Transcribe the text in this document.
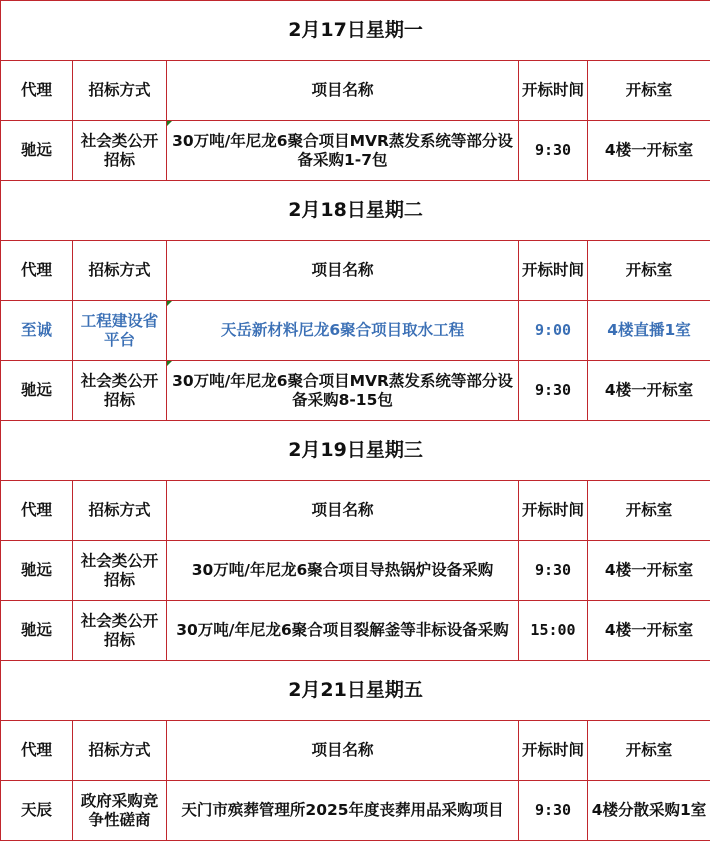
2月17日星期一				
代理	招标方式	项目名称	开标时间	开标室
驰远	社会类公开招标	30万吨/年尼龙6聚合项目MVR蒸发系统等部分设备采购1-7包	9:30	4楼一开标室
2月18日星期二				
代理	招标方式	项目名称	开标时间	开标室
至诚	工程建设省平台	天岳新材料尼龙6聚合项目取水工程	9:00	4楼直播1室
驰远	社会类公开招标	30万吨/年尼龙6聚合项目MVR蒸发系统等部分设备采购8-15包	9:30	4楼一开标室
2月19日星期三				
代理	招标方式	项目名称	开标时间	开标室
驰远	社会类公开招标	30万吨/年尼龙6聚合项目导热锅炉设备采购	9:30	4楼一开标室
驰远	社会类公开招标	30万吨/年尼龙6聚合项目裂解釜等非标设备采购	15:00	4楼一开标室
2月21日星期五				
代理	招标方式	项目名称	开标时间	开标室
天辰	政府采购竞争性磋商	天门市殡葬管理所2025年度丧葬用品采购项目	9:30	4楼分散采购1室
